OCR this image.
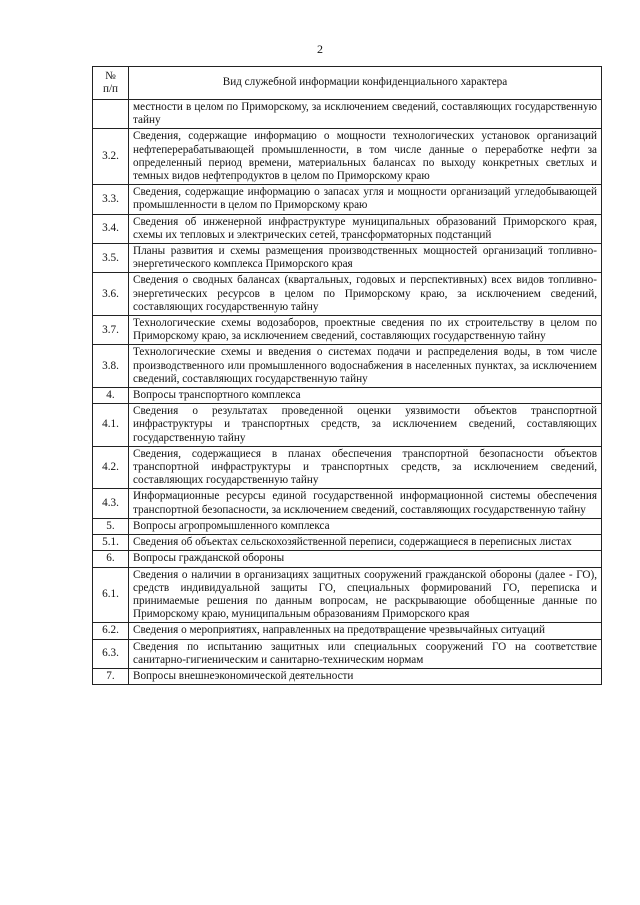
2
№
п/п	Вид служебной информации конфиденциального характера
	местности в целом по Приморскому, за исключением сведений, составляющих государственную тайну
3.2.	Сведения, содержащие информацию о мощности технологических установок организаций нефтеперерабатывающей промышленности, в том числе данные о переработке нефти за определенный период времени, материальных балансах по выходу конкретных светлых и темных видов нефтепродуктов в целом по Приморскому краю
3.3.	Сведения, содержащие информацию о запасах угля и мощности организаций угледобывающей промышленности в целом по Приморскому краю
3.4.	Сведения об инженерной инфраструктуре муниципальных образований Приморского края, схемы их тепловых и электрических сетей, трансформаторных подстанций
3.5.	Планы развития и схемы размещения производственных мощностей организаций топливно-энергетического комплекса Приморского края
3.6.	Сведения о сводных балансах (квартальных, годовых и перспективных) всех видов топливно-энергетических ресурсов в целом по Приморскому краю, за исключением сведений, составляющих государственную тайну
3.7.	Технологические схемы водозаборов, проектные сведения по их строительству в целом по Приморскому краю, за исключением сведений, составляющих государственную тайну
3.8.	Технологические схемы и введения о системах подачи и распределения воды, в том числе производственного или промышленного водоснабжения в населенных пунктах, за исключением сведений, составляющих государственную тайну
4.	Вопросы транспортного комплекса
4.1.	Сведения о результатах проведенной оценки уязвимости объектов транспортной инфраструктуры и транспортных средств, за исключением сведений, составляющих государственную тайну
4.2.	Сведения, содержащиеся в планах обеспечения транспортной безопасности объектов транспортной инфраструктуры и транспортных средств, за исключением сведений, составляющих государственную тайну
4.3.	Информационные ресурсы единой государственной информационной системы обеспечения транспортной безопасности, за исключением сведений, составляющих государственную тайну
5.	Вопросы агропромышленного комплекса
5.1.	Сведения об объектах сельскохозяйственной переписи, содержащиеся в переписных листах
6.	Вопросы гражданской обороны
6.1.	Сведения о наличии в организациях защитных сооружений гражданской обороны (далее - ГО), средств индивидуальной защиты ГО, специальных формирований ГО, переписка и принимаемые решения по данным вопросам, не раскрывающие обобщенные данные по Приморскому краю, муниципальным образованиям Приморского края
6.2.	Сведения о мероприятиях, направленных на предотвращение чрезвычайных ситуаций
6.3.	Сведения по испытанию защитных или специальных сооружений ГО на соответствие санитарно-гигиеническим и санитарно-техническим нормам
7.	Вопросы внешнеэкономической деятельности
